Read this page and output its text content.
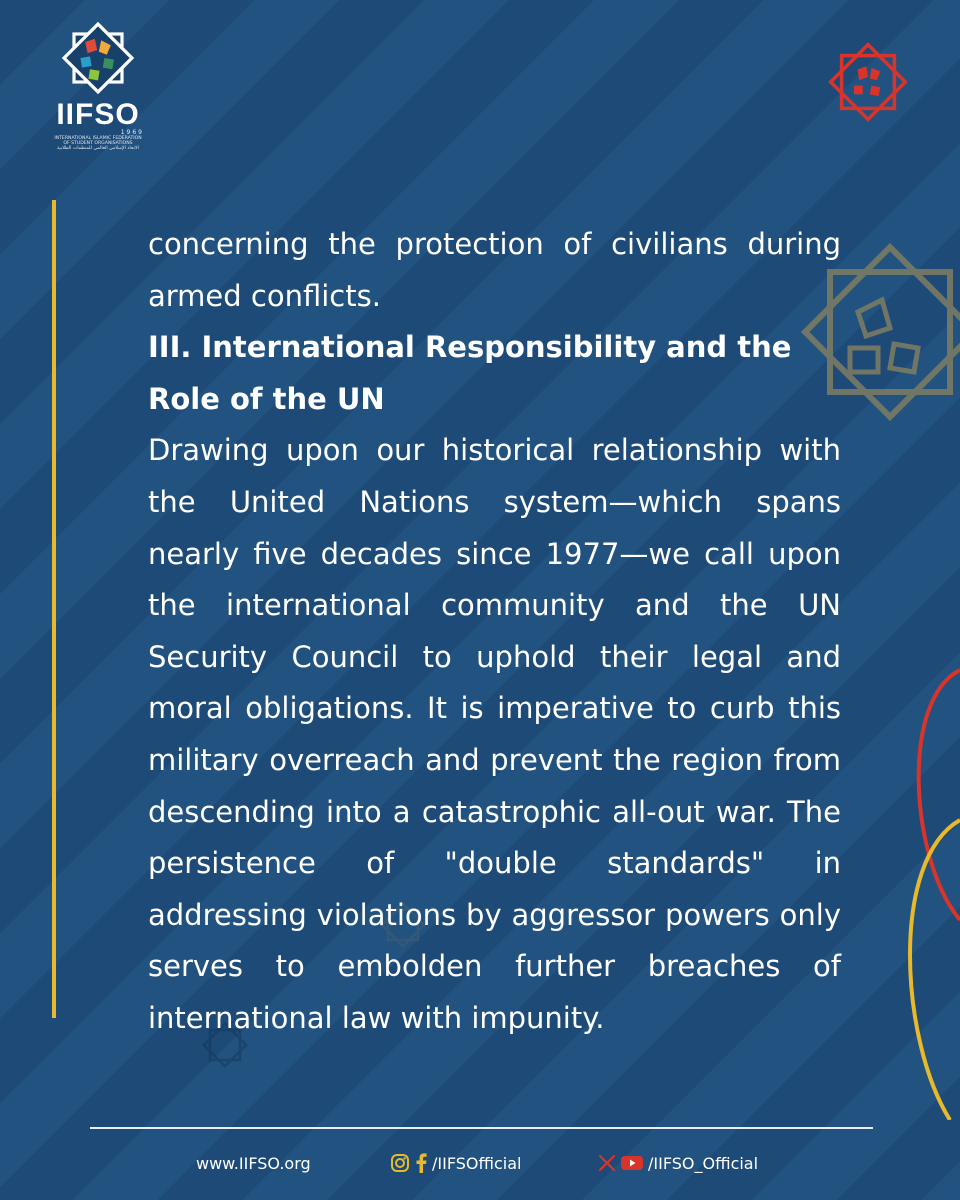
IIFSO
1969
INTERNATIONAL ISLAMIC FEDERATION
OF STUDENT ORGANISATIONS
الاتحاد الإسلامي العالمي للمنظمات الطلابية

concerning the protection of civilians during armed conflicts.

III. International Responsibility and the Role of the UN

Drawing upon our historical relationship with the United Nations system—which spans nearly five decades since 1977—we call upon the international community and the UN Security Council to uphold their legal and moral obligations. It is imperative to curb this military overreach and prevent the region from descending into a catastrophic all-out war. The persistence of "double standards" in addressing violations by aggressor powers only serves to embolden further breaches of international law with impunity.

www.IIFSO.org	/IIFSOfficial	/IIFSO_Official
